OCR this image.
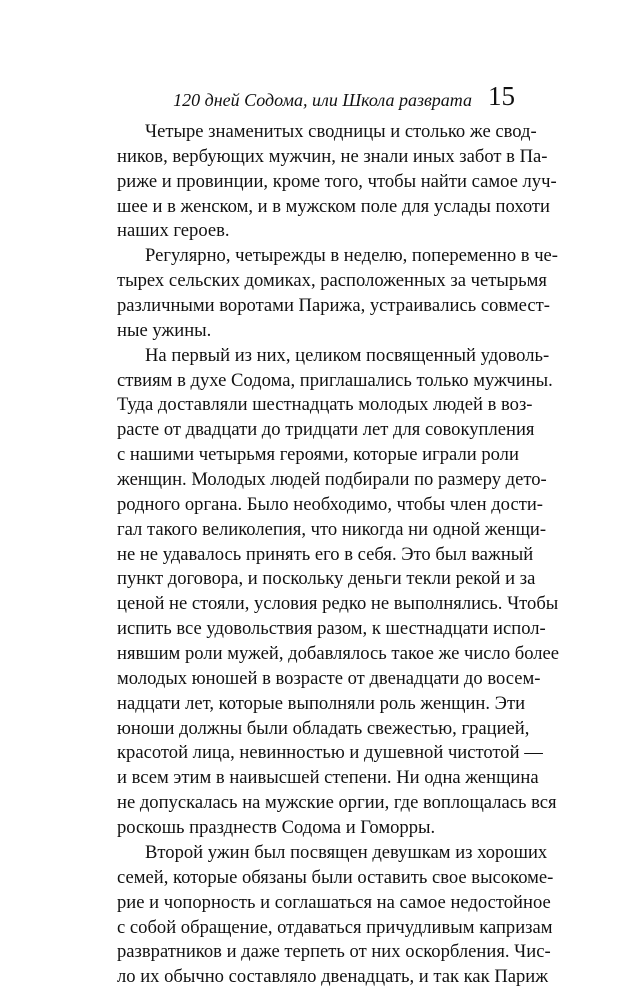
120 дней Содома, или Школа разврата 15
Четыре знаменитых сводницы и столько же свод-
ников, вербующих мужчин, не знали иных забот в Па-
риже и провинции, кроме того, чтобы найти самое луч-
шее и в женском, и в мужском поле для услады похоти
наших героев.
Регулярно, четырежды в неделю, попеременно в че-
тырех сельских домиках, расположенных за четырьмя
различными воротами Парижа, устраивались совмест-
ные ужины.
На первый из них, целиком посвященный удоволь-
ствиям в духе Содома, приглашались только мужчины.
Туда доставляли шестнадцать молодых людей в воз-
расте от двадцати до тридцати лет для совокупления
с нашими четырьмя героями, которые играли роли
женщин. Молодых людей подбирали по размеру дето-
родного органа. Было необходимо, чтобы член дости-
гал такого великолепия, что никогда ни одной женщи-
не не удавалось принять его в себя. Это был важный
пункт договора, и поскольку деньги текли рекой и за
ценой не стояли, условия редко не выполнялись. Чтобы
испить все удовольствия разом, к шестнадцати испол-
нявшим роли мужей, добавлялось такое же число более
молодых юношей в возрасте от двенадцати до восем-
надцати лет, которые выполняли роль женщин. Эти
юноши должны были обладать свежестью, грацией,
красотой лица, невинностью и душевной чистотой —
и всем этим в наивысшей степени. Ни одна женщина
не допускалась на мужские оргии, где воплощалась вся
роскошь празднеств Содома и Гоморры.
Второй ужин был посвящен девушкам из хороших
семей, которые обязаны были оставить свое высокоме-
рие и чопорность и соглашаться на самое недостойное
с собой обращение, отдаваться причудливым капризам
развратников и даже терпеть от них оскорбления. Чис-
ло их обычно составляло двенадцать, и так как Париж
